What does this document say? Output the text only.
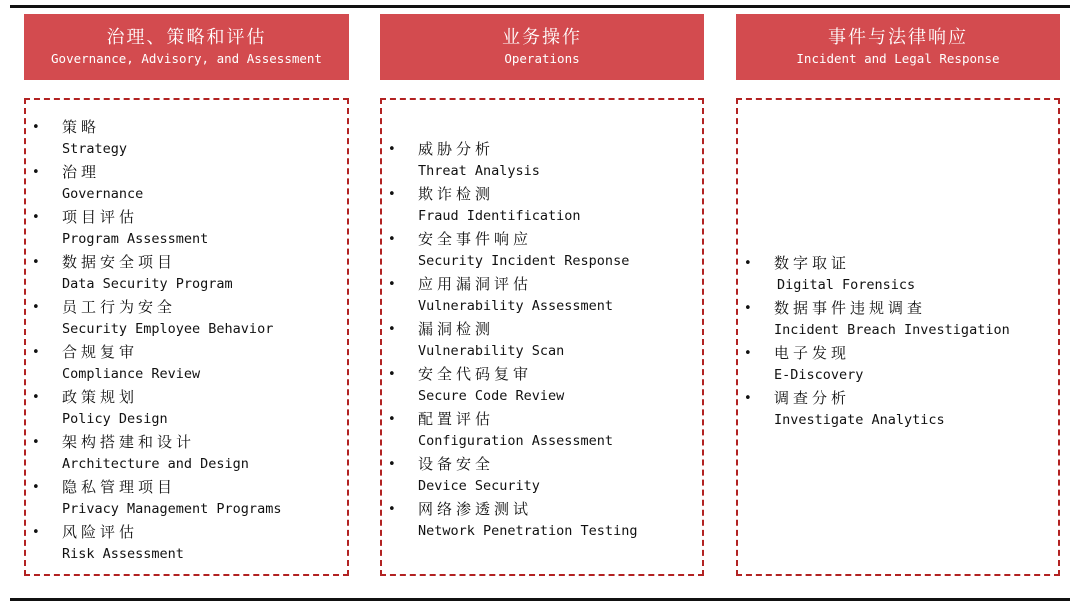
治理、策略和评估
Governance, Advisory, and Assessment
• 策略
Strategy
• 治理
Governance
• 项目评估
Program Assessment
• 数据安全项目
Data Security Program
• 员工行为安全
Security Employee Behavior
• 合规复审
Compliance Review
• 政策规划
Policy Design
• 架构搭建和设计
Architecture and Design
• 隐私管理项目
Privacy Management Programs
• 风险评估
Risk Assessment
业务操作
Operations
• 威胁分析
Threat Analysis
• 欺诈检测
Fraud Identification
• 安全事件响应
Security Incident Response
• 应用漏洞评估
Vulnerability Assessment
• 漏洞检测
Vulnerability Scan
• 安全代码复审
Secure Code Review
• 配置评估
Configuration Assessment
• 设备安全
Device Security
• 网络渗透测试
Network Penetration Testing
事件与法律响应
Incident and Legal Response
• 数字取证
Digital Forensics
• 数据事件违规调查
Incident Breach Investigation
• 电子发现
E-Discovery
• 调查分析
Investigate Analytics
